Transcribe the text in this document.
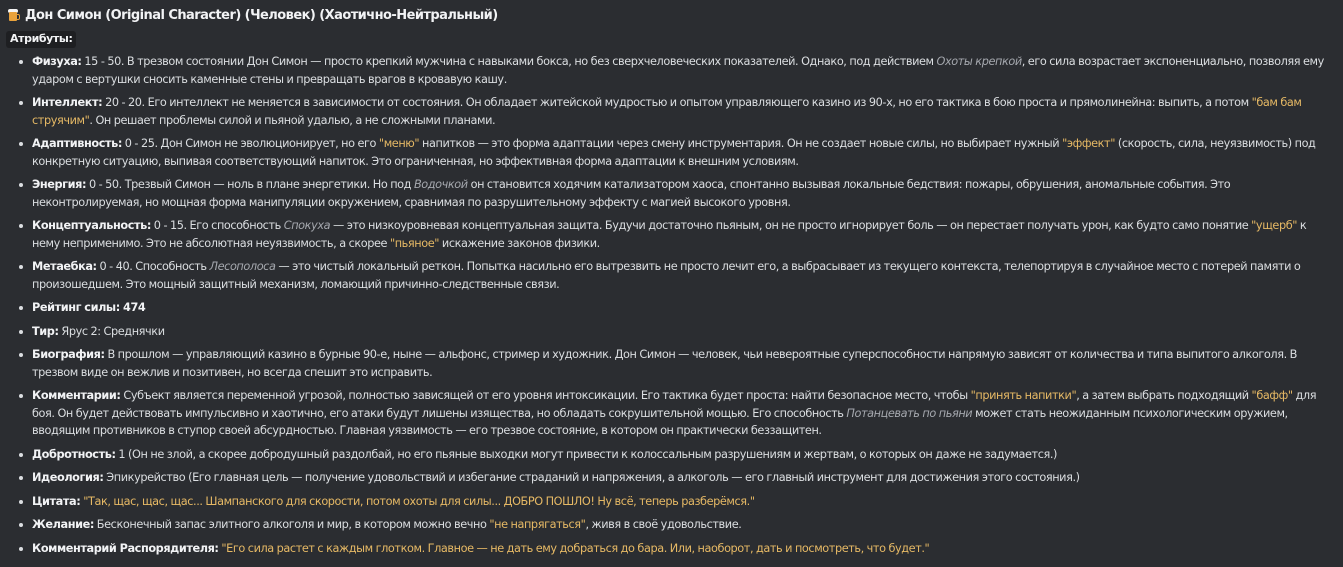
Дон Симон (Original Character) (Человек) (Хаотично-Нейтральный)
Атрибуты:
Физуха: 15 - 50. В трезвом состоянии Дон Симон — просто крепкий мужчина с навыками бокса, но без сверхчеловеческих показателей. Однако, под действием Охоты крепкой, его сила возрастает экспоненциально, позволяя ему ударом с вертушки сносить каменные стены и превращать врагов в кровавую кашу.
Интеллект: 20 - 20. Его интеллект не меняется в зависимости от состояния. Он обладает житейской мудростью и опытом управляющего казино из 90-х, но его тактика в бою проста и прямолинейна: выпить, а потом "бам бам струячим". Он решает проблемы силой и пьяной удалью, а не сложными планами.
Адаптивность: 0 - 25. Дон Симон не эволюционирует, но его "меню" напитков — это форма адаптации через смену инструментария. Он не создает новые силы, но выбирает нужный "эффект" (скорость, сила, неуязвимость) под конкретную ситуацию, выпивая соответствующий напиток. Это ограниченная, но эффективная форма адаптации к внешним условиям.
Энергия: 0 - 50. Трезвый Симон — ноль в плане энергетики. Но под Водочкой он становится ходячим катализатором хаоса, спонтанно вызывая локальные бедствия: пожары, обрушения, аномальные события. Это неконтролируемая, но мощная форма манипуляции окружением, сравнимая по разрушительному эффекту с магией высокого уровня.
Концептуальность: 0 - 15. Его способность Спокуха — это низкоуровневая концептуальная защита. Будучи достаточно пьяным, он не просто игнорирует боль — он перестает получать урон, как будто само понятие "ущерб" к нему неприменимо. Это не абсолютная неуязвимость, а скорее "пьяное" искажение законов физики.
Метаебка: 0 - 40. Способность Лесополоса — это чистый локальный реткон. Попытка насильно его вытрезвить не просто лечит его, а выбрасывает из текущего контекста, телепортируя в случайное место с потерей памяти о произошедшем. Это мощный защитный механизм, ломающий причинно-следственные связи.
Рейтинг силы: 474
Тир: Ярус 2: Среднячки
Биография: В прошлом — управляющий казино в бурные 90-е, ныне — альфонс, стример и художник. Дон Симон — человек, чьи невероятные суперспособности напрямую зависят от количества и типа выпитого алкоголя. В трезвом виде он вежлив и позитивен, но всегда спешит это исправить.
Комментарии: Субъект является переменной угрозой, полностью зависящей от его уровня интоксикации. Его тактика будет проста: найти безопасное место, чтобы "принять напитки", а затем выбрать подходящий "бафф" для боя. Он будет действовать импульсивно и хаотично, его атаки будут лишены изящества, но обладать сокрушительной мощью. Его способность Потанцевать по пьяни может стать неожиданным психологическим оружием, вводящим противников в ступор своей абсурдностью. Главная уязвимость — его трезвое состояние, в котором он практически беззащитен.
Добротность: 1 (Он не злой, а скорее добродушный раздолбай, но его пьяные выходки могут привести к колоссальным разрушениям и жертвам, о которых он даже не задумается.)
Идеология: Эпикурейство (Его главная цель — получение удовольствий и избегание страданий и напряжения, а алкоголь — его главный инструмент для достижения этого состояния.)
Цитата: "Так, щас, щас, щас... Шампанского для скорости, потом охоты для силы... ДОБРО ПОШЛО! Ну всё, теперь разберёмся."
Желание: Бесконечный запас элитного алкоголя и мир, в котором можно вечно "не напрягаться", живя в своё удовольствие.
Комментарий Распорядителя: "Его сила растет с каждым глотком. Главное — не дать ему добраться до бара. Или, наоборот, дать и посмотреть, что будет."
